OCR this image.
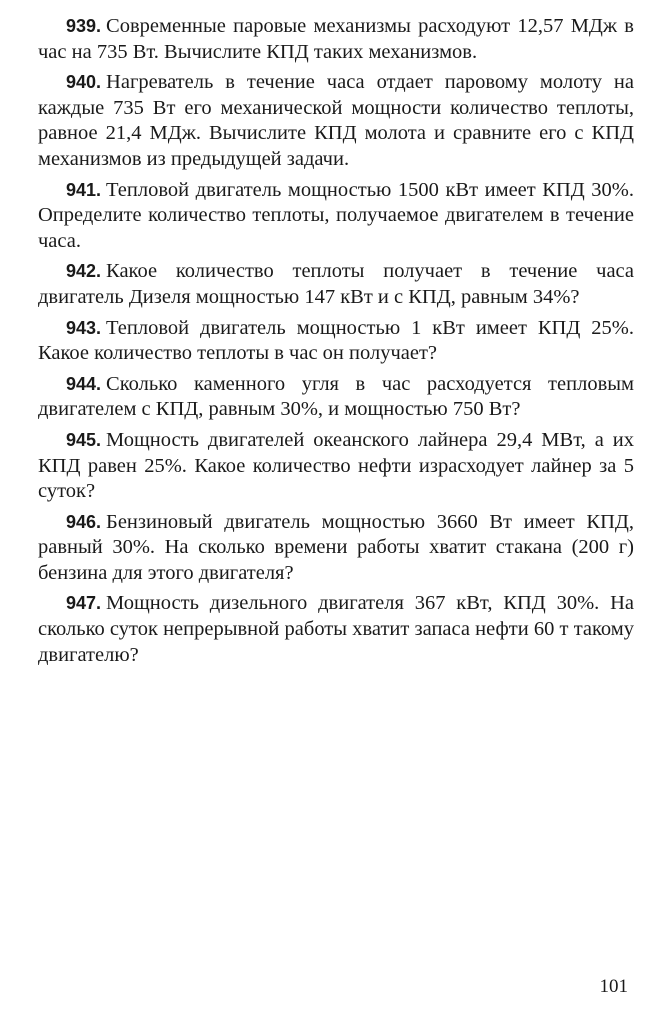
939. Современные паровые механизмы расходуют 12,57 МДж в час на 735 Вт. Вычислите КПД таких механизмов.

940. Нагреватель в течение часа отдает паровому молоту на каждые 735 Вт его механической мощности количество теплоты, равное 21,4 МДж. Вычислите КПД молота и сравните его с КПД механизмов из предыдущей задачи.

941. Тепловой двигатель мощностью 1500 кВт имеет КПД 30%. Определите количество теплоты, получаемое двигателем в течение часа.

942. Какое количество теплоты получает в течение часа двигатель Дизеля мощностью 147 кВт и с КПД, равным 34%?

943. Тепловой двигатель мощностью 1 кВт имеет КПД 25%. Какое количество теплоты в час он получает?

944. Сколько каменного угля в час расходуется тепловым двигателем с КПД, равным 30%, и мощностью 750 Вт?

945. Мощность двигателей океанского лайнера 29,4 МВт, а их КПД равен 25%. Какое количество нефти израсходует лайнер за 5 суток?

946. Бензиновый двигатель мощностью 3660 Вт имеет КПД, равный 30%. На сколько времени работы хватит стакана (200 г) бензина для этого двигателя?

947. Мощность дизельного двигателя 367 кВт, КПД 30%. На сколько суток непрерывной работы хватит запаса нефти 60 т такому двигателю?

101
